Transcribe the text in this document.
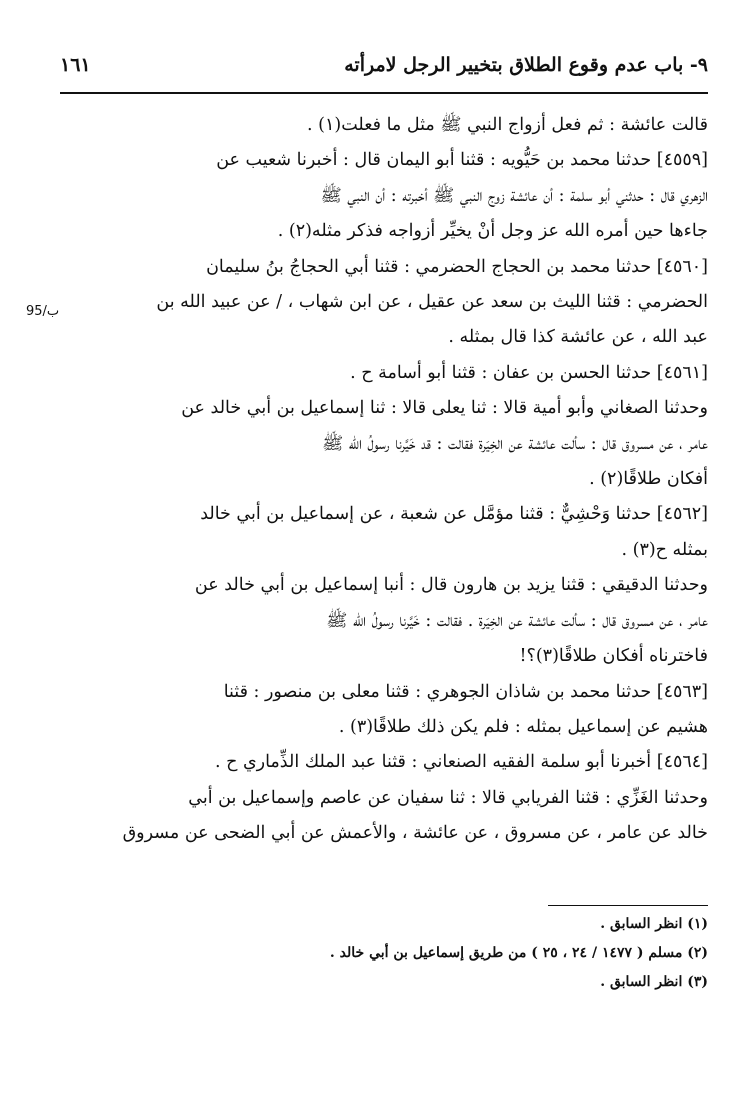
٩- باب عدم وقوع الطلاق بتخيير الرجل لامرأته
١٦١
ب/95
قالت عائشة : ثم فعل أزواج النبي ﷺ مثل ما فعلت(١) .
[٤٥٥٩] حدثنا محمد بن حَيُّويه : قثنا أبو اليمان قال : أخبرنا شعيب عن
الزهري قال : حدثني أبو سلمة : أن عائشة زوج النبي ﷺ أخبرته : أن النبي ﷺ
جاءها حين أمره الله عز وجل أنْ يخيِّر أزواجه فذكر مثله(٢) .
[٤٥٦٠] حدثنا محمد بن الحجاج الحضرمي : قثنا أبي الحجاجُ بنُ سليمان
الحضرمي : قثنا الليث بن سعد عن عقيل ، عن ابن شهاب ، / عن عبيد الله بن
عبد الله ، عن عائشة كذا قال بمثله .
[٤٥٦١] حدثنا الحسن بن عفان : قثنا أبو أسامة ح .
وحدثنا الصغاني وأبو أمية قالا : ثنا يعلى قالا : ثنا إسماعيل بن أبي خالد عن
عامر ، عن مسروق قال : سألت عائشة عن الخِيَرة فقالت : قد خَيَّرنا رسولُ الله ﷺ
أفكان طلاقًا(٢) .
[٤٥٦٢] حدثنا وَحْشِيٌّ : قثنا مؤمَّل عن شعبة ، عن إسماعيل بن أبي خالد
بمثله ح(٣) .
وحدثنا الدقيقي : قثنا يزيد بن هارون قال : أنبا إسماعيل بن أبي خالد عن
عامر ، عن مسروق قال : سألت عائشة عن الخِيَرة . فقالت : خَيَّرنا رسولُ الله ﷺ
فاخترناه أفكان طلاقًا(٣)؟!
[٤٥٦٣] حدثنا محمد بن شاذان الجوهري : قثنا معلى بن منصور : قثنا
هشيم عن إسماعيل بمثله : فلم يكن ذلك طلاقًا(٣) .
[٤٥٦٤] أخبرنا أبو سلمة الفقيه الصنعاني : قثنا عبد الملك الذِّماري ح .
وحدثنا الغَزِّي : قثنا الفريابي قالا : ثنا سفيان عن عاصم وإسماعيل بن أبي
خالد عن عامر ، عن مسروق ، عن عائشة ، والأعمش عن أبي الضحى عن مسروق
(١) انظر السابق .
(٢) مسلم ( ١٤٧٧ / ٢٤ ، ٢٥ ) من طريق إسماعيل بن أبي خالد .
(٣) انظر السابق .
